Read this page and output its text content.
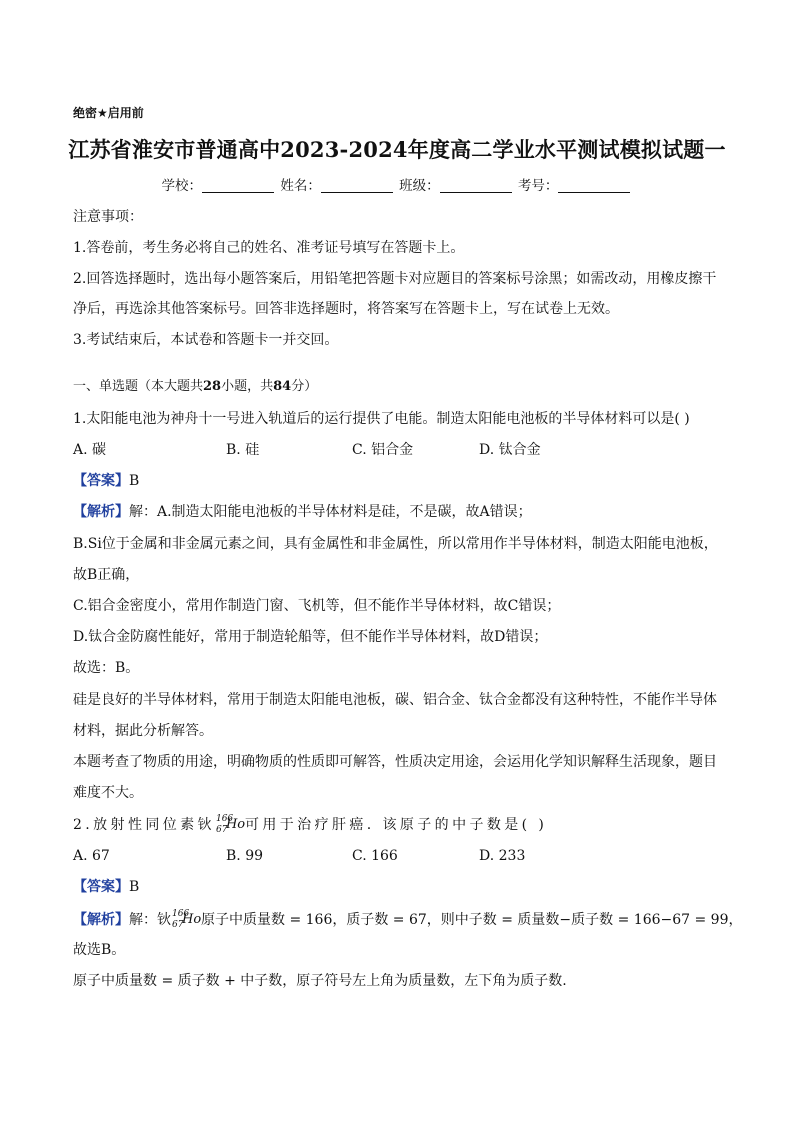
绝密★启用前
江苏省淮安市普通高中2023-2024年度高二学业水平测试模拟试题一
学校：	姓名：	班级：	考号：
注意事项：
1.答卷前，考生务必将自己的姓名、准考证号填写在答题卡上。
2.回答选择题时，选出每小题答案后，用铅笔把答题卡对应题目的答案标号涂黑；如需改动，用橡皮擦干
净后，再选涂其他答案标号。回答非选择题时，将答案写在答题卡上，写在试卷上无效。
3.考试结束后，本试卷和答题卡一并交回。
一、单选题（本大题共28小题，共84分）
1.太阳能电池为神舟十一号进入轨道后的运行提供了电能。制造太阳能电池板的半导体材料可以是( )
A. 碳	B. 硅	C. 铝合金	D. 钛合金
【答案】B
【解析】解：A.制造太阳能电池板的半导体材料是硅，不是碳，故A错误；
B.Si位于金属和非金属元素之间，具有金属性和非金属性，所以常用作半导体材料，制造太阳能电池板，
故B正确，
C.铝合金密度小，常用作制造门窗、飞机等，但不能作半导体材料，故C错误；
D.钛合金防腐性能好，常用于制造轮船等，但不能作半导体材料，故D错误；
故选：B。
硅是良好的半导体材料，常用于制造太阳能电池板，碳、铝合金、钛合金都没有这种特性，不能作半导体
材料，据此分析解答。
本题考查了物质的用途，明确物质的性质即可解答，性质决定用途，会运用化学知识解释生活现象，题目
难度不大。
2.放射性同位素钬 166
67
Ho 可用于治疗肝癌. 该原子的中子数是( )
A. 67	B. 99	C. 166	D. 233
【答案】B
【解析】解：钬 166
67
Ho 原子中质量数 = 166，质子数 = 67，则中子数 = 质量数−质子数 = 166−67 = 99，
故选B。
原子中质量数 = 质子数 + 中子数，原子符号左上角为质量数，左下角为质子数.
